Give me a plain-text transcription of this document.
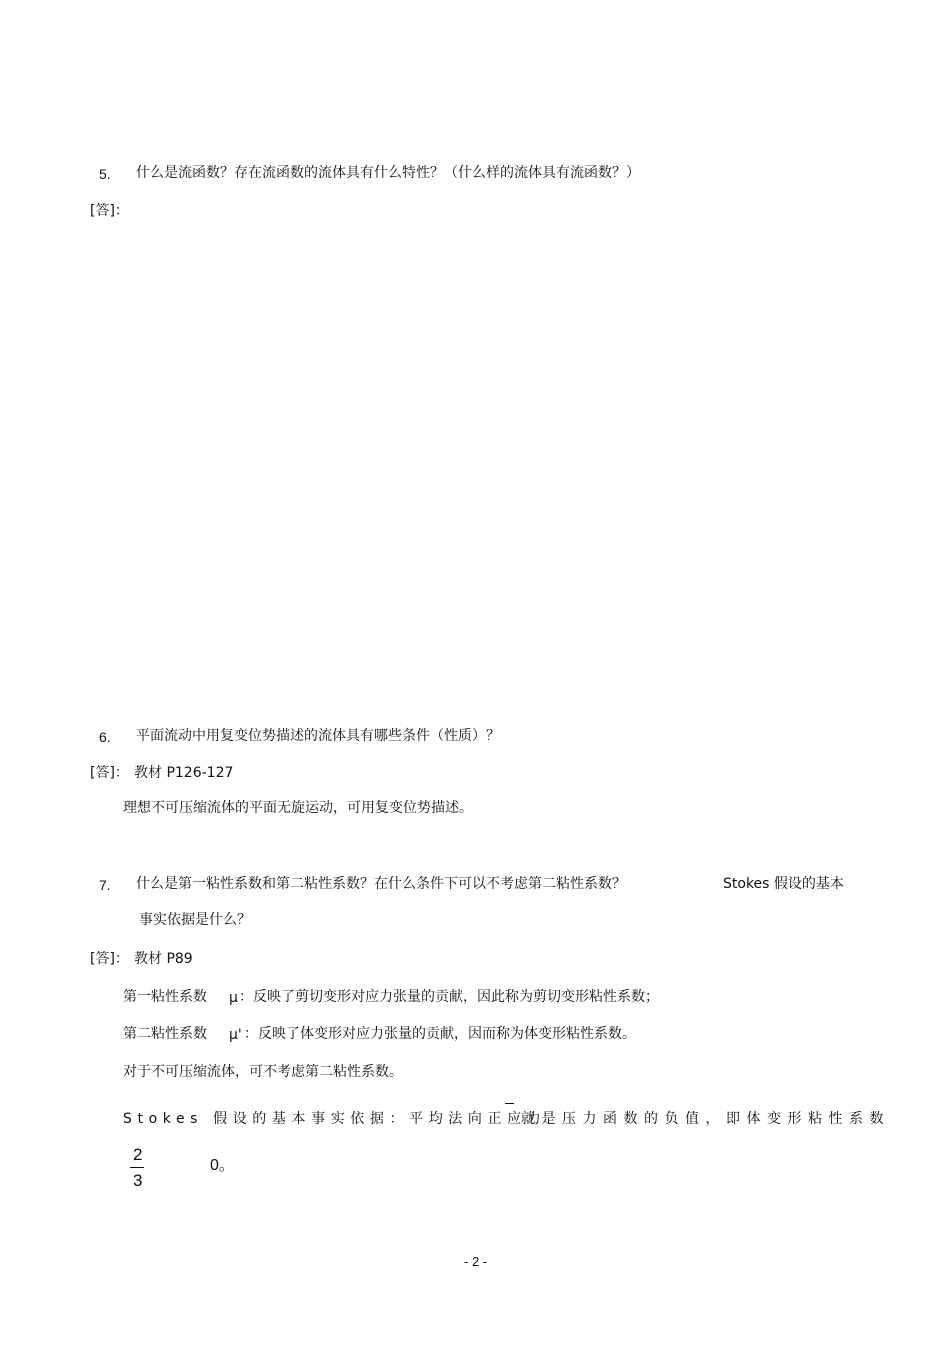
5. 什么是流函数？存在流函数的流体具有什么特性？（什么样的流体具有流函数？）
[答]：
6. 平面流动中用复变位势描述的流体具有哪些条件（性质）？
[答]： 教材 P126-127
理想不可压缩流体的平面无旋运动，可用复变位势描述。
7. 什么是第一粘性系数和第二粘性系数？在什么条件下可以不考虑第二粘性系数？	Stokes 假设的基本
事实依据是什么？
[答]： 教材 P89
第一粘性系数 μ ：反映了剪切变形对应力张量的贡献，因此称为剪切变形粘性系数；
第二粘性系数 μ' ：反映了体变形对应力张量的贡献，因而称为体变形粘性系数。
对于不可压缩流体，可不考虑第二粘性系数。
Stokes 假设的基本事实依据：平均法向正应力
就是压力函数的负值，即体变形粘性系数
2
3
0。
- 2 -
